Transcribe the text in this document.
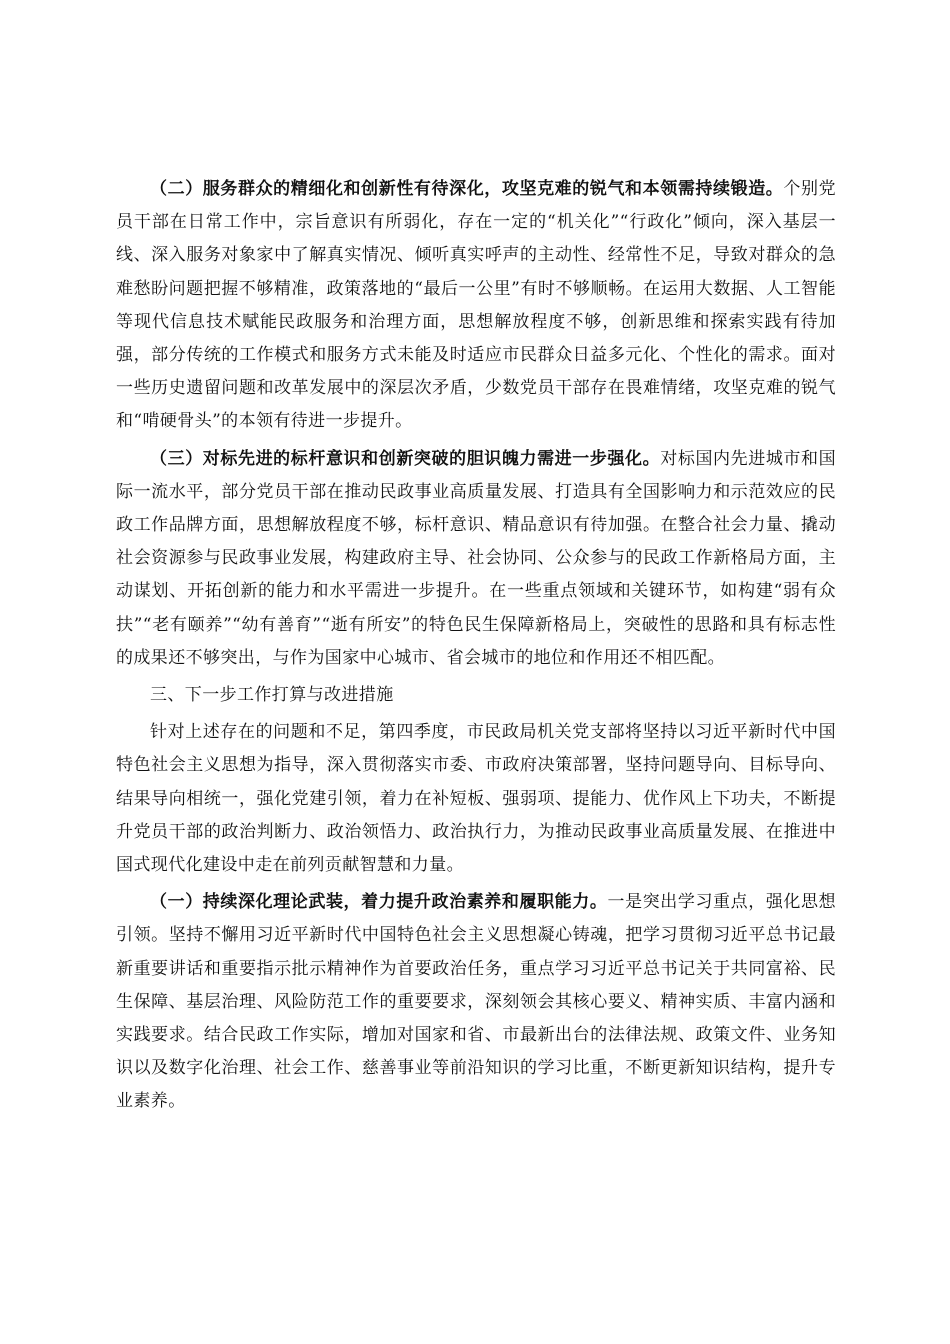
（二）服务群众的精细化和创新性有待深化，攻坚克难的锐气和本领需持续锻造。个别党员干部在日常工作中，宗旨意识有所弱化，存在一定的“机关化”“行政化”倾向，深入基层一线、深入服务对象家中了解真实情况、倾听真实呼声的主动性、经常性不足，导致对群众的急难愁盼问题把握不够精准，政策落地的“最后一公里”有时不够顺畅。在运用大数据、人工智能等现代信息技术赋能民政服务和治理方面，思想解放程度不够，创新思维和探索实践有待加强，部分传统的工作模式和服务方式未能及时适应市民群众日益多元化、个性化的需求。面对一些历史遗留问题和改革发展中的深层次矛盾，少数党员干部存在畏难情绪，攻坚克难的锐气和“啃硬骨头”的本领有待进一步提升。

（三）对标先进的标杆意识和创新突破的胆识魄力需进一步强化。对标国内先进城市和国际一流水平，部分党员干部在推动民政事业高质量发展、打造具有全国影响力和示范效应的民政工作品牌方面，思想解放程度不够，标杆意识、精品意识有待加强。在整合社会力量、撬动社会资源参与民政事业发展，构建政府主导、社会协同、公众参与的民政工作新格局方面，主动谋划、开拓创新的能力和水平需进一步提升。在一些重点领域和关键环节，如构建“弱有众扶”“老有颐养”“幼有善育”“逝有所安”的特色民生保障新格局上，突破性的思路和具有标志性的成果还不够突出，与作为国家中心城市、省会城市的地位和作用还不相匹配。

三、下一步工作打算与改进措施

针对上述存在的问题和不足，第四季度，市民政局机关党支部将坚持以习近平新时代中国特色社会主义思想为指导，深入贯彻落实市委、市政府决策部署，坚持问题导向、目标导向、结果导向相统一，强化党建引领，着力在补短板、强弱项、提能力、优作风上下功夫，不断提升党员干部的政治判断力、政治领悟力、政治执行力，为推动民政事业高质量发展、在推进中国式现代化建设中走在前列贡献智慧和力量。

（一）持续深化理论武装，着力提升政治素养和履职能力。一是突出学习重点，强化思想引领。坚持不懈用习近平新时代中国特色社会主义思想凝心铸魂，把学习贯彻习近平总书记最新重要讲话和重要指示批示精神作为首要政治任务，重点学习习近平总书记关于共同富裕、民生保障、基层治理、风险防范工作的重要要求，深刻领会其核心要义、精神实质、丰富内涵和实践要求。结合民政工作实际，增加对国家和省、市最新出台的法律法规、政策文件、业务知识以及数字化治理、社会工作、慈善事业等前沿知识的学习比重，不断更新知识结构，提升专业素养。
